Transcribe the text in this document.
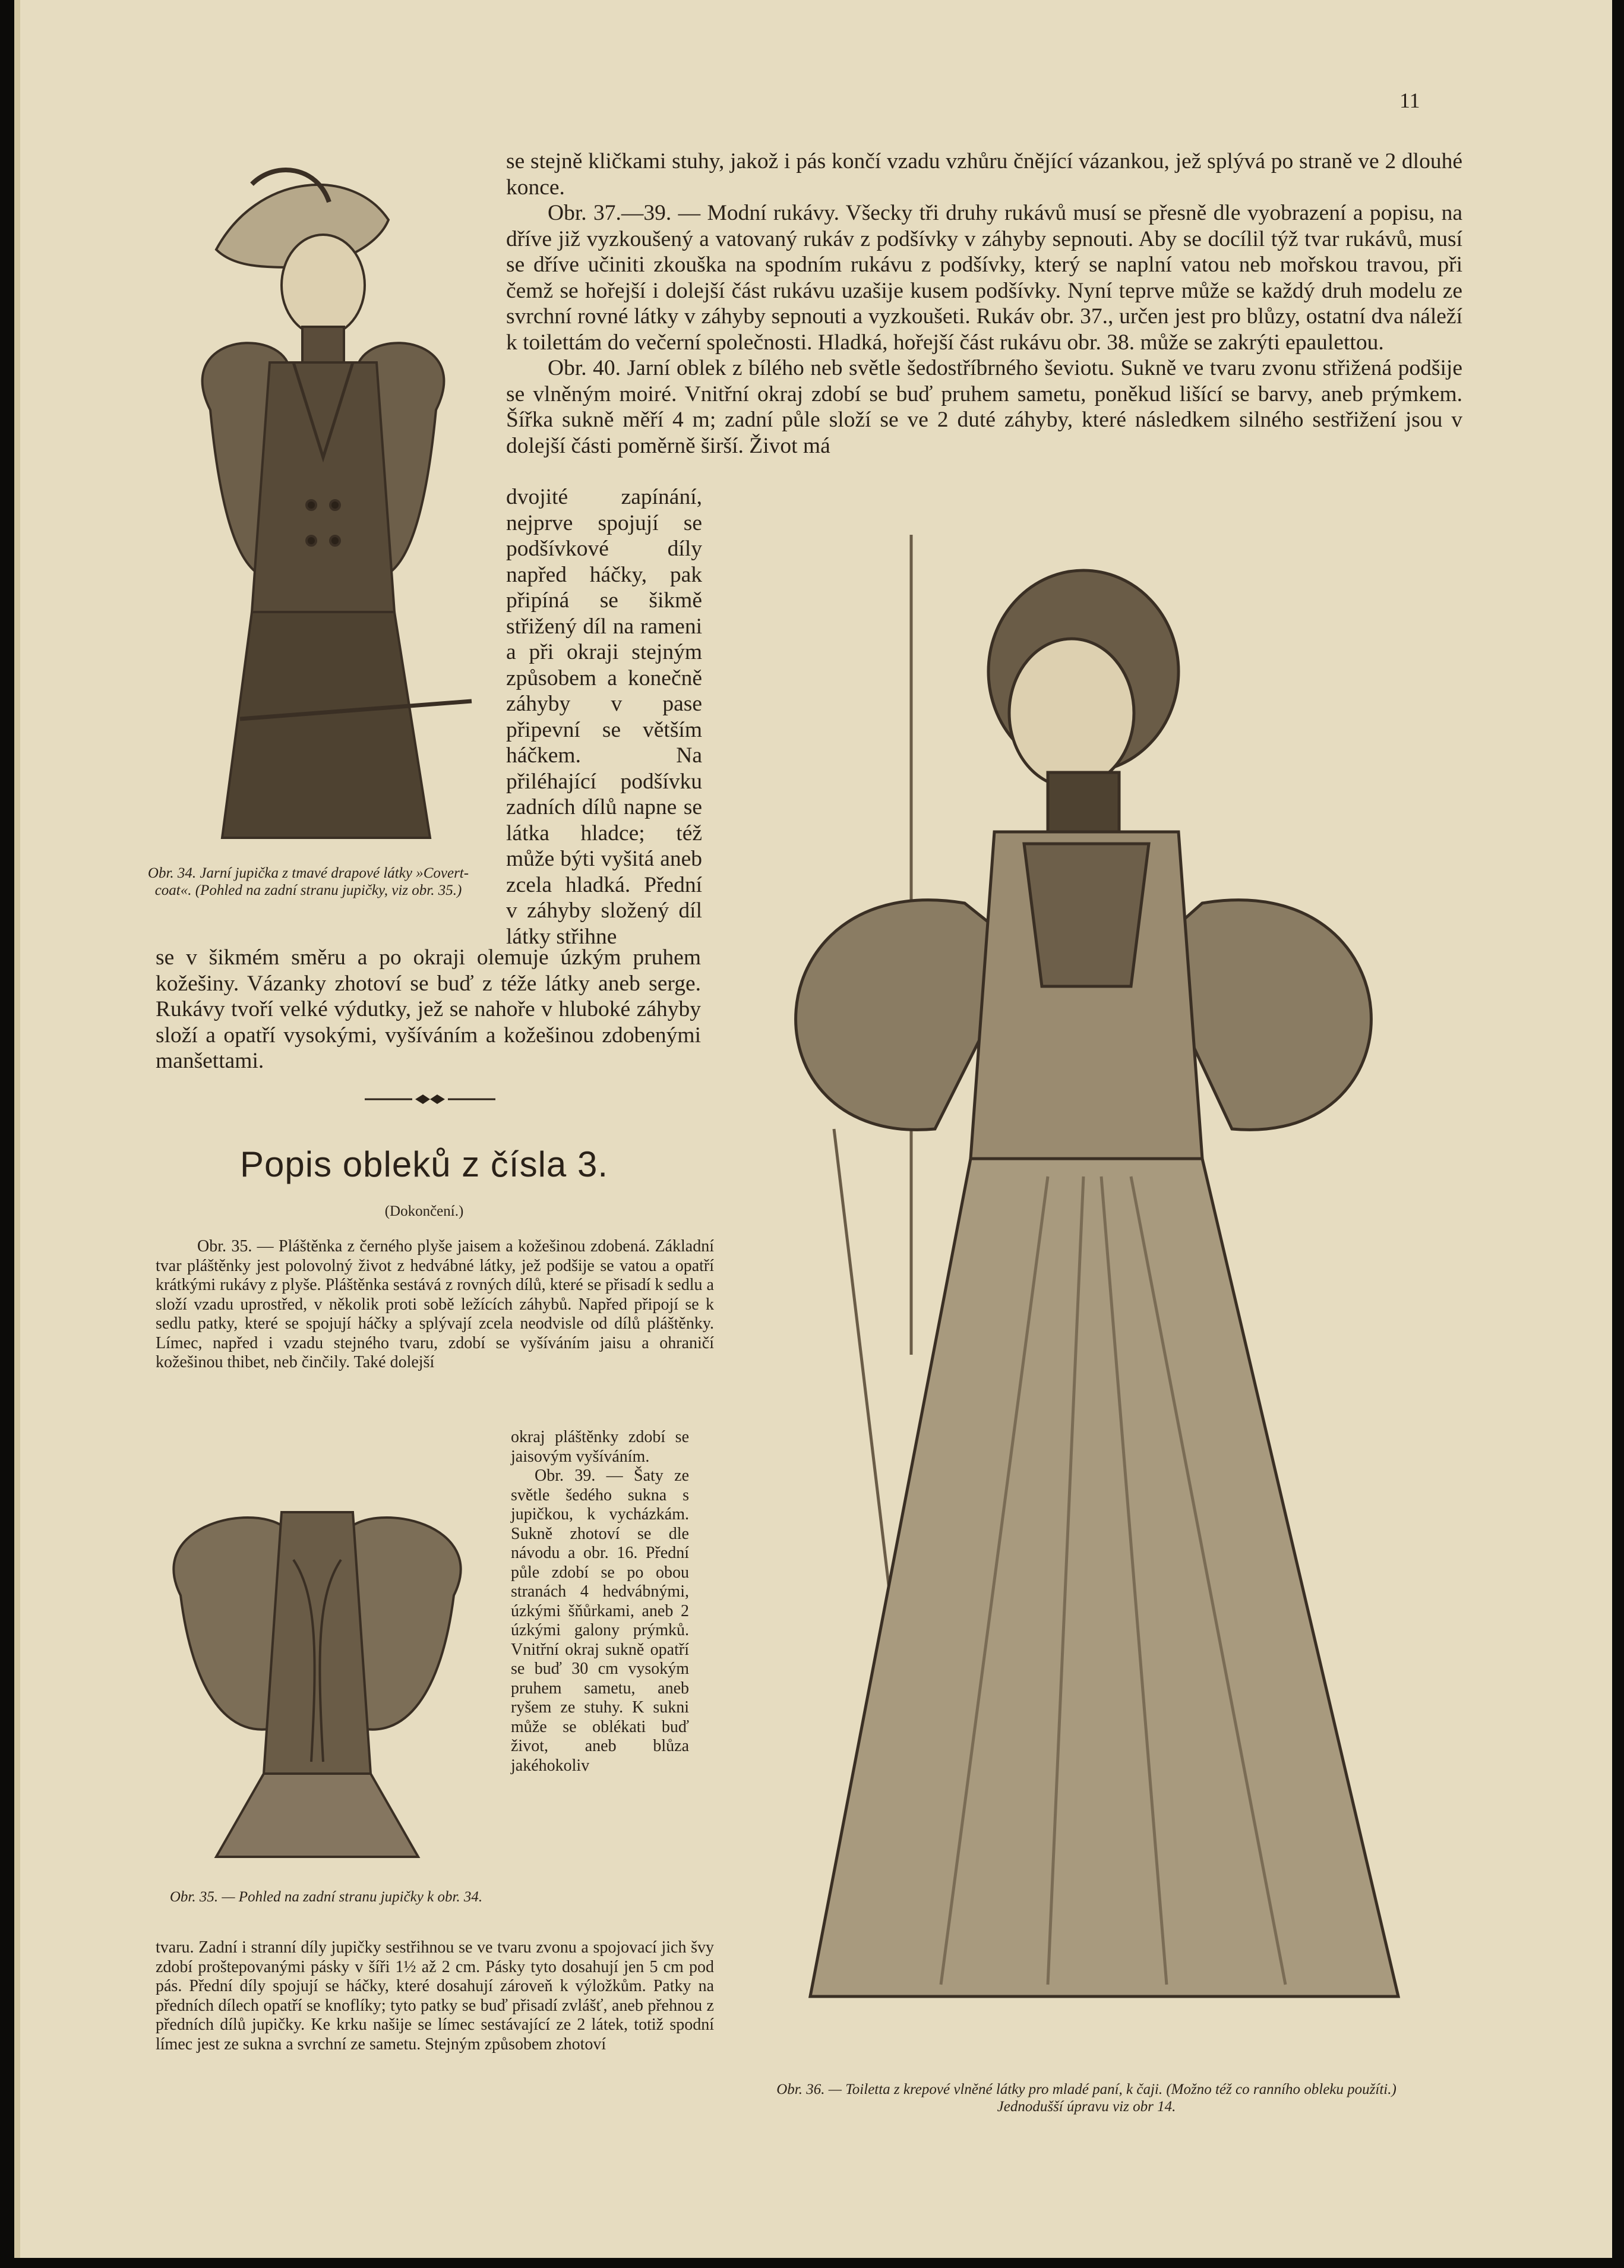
11

se stejně kličkami stuhy, jakož i pás končí vzadu vzhůru čnějící vázankou, jež splývá po straně ve 2 dlouhé konce.

Obr. 37.—39. — Modní rukávy. Všecky tři druhy rukávů musí se přesně dle vyobrazení a popisu, na dříve již vyzkoušený a vatovaný rukáv z podšívky v záhyby sepnouti. Aby se docílil týž tvar rukávů, musí se dříve učiniti zkouška na spodním rukávu z podšívky, který se naplní vatou neb mořskou travou, při čemž se hořejší i dolejší část rukávu uzašije kusem podšívky. Nyní teprve může se každý druh modelu ze svrchní rovné látky v záhyby sepnouti a vyzkoušeti. Rukáv obr. 37., určen jest pro blůzy, ostatní dva náleží k toilettám do večerní společnosti. Hladká, hořejší část rukávu obr. 38. může se zakrýti epaulettou.

Obr. 40. Jarní oblek z bílého neb světle šedostříbrného ševiotu. Sukně ve tvaru zvonu střižená podšije se vlněným moiré. Vnitřní okraj zdobí se buď pruhem sametu, poněkud lišící se barvy, aneb prýmkem. Šířka sukně měří 4 m; zadní půle složí se ve 2 duté záhyby, které následkem silného sestřižení jsou v dolejší části poměrně širší. Život má

Obr. 34. Jarní jupička z tmavé drapové látky »Covert-coat«. (Pohled na zadní stranu jupičky, viz obr. 35.)

dvojité zapínání, nejprve spojují se podšívkové díly napřed háčky, pak připíná se šikmě střižený díl na rameni a při okraji stejným způsobem a konečně záhyby v pase připevní se větším háčkem. Na přiléhající podšívku zadních dílů napne se látka hladce; též může býti vyšitá aneb zcela hladká. Přední v záhyby složený díl látky střihne

se v šikmém směru a po okraji olemuje úzkým pruhem kožešiny. Vázanky zhotoví se buď z téže látky aneb serge. Rukávy tvoří velké výdutky, jež se nahoře v hluboké záhyby složí a opatří vysokými, vyšíváním a kožešinou zdobenými manšettami.

Popis obleků z čísla 3.
(Dokončení.)

Obr. 35. — Pláštěnka z černého plyše jaisem a kožešinou zdobená. Základní tvar pláštěnky jest polovolný život z hedvábné látky, jež podšije se vatou a opatří krátkými rukávy z plyše. Pláštěnka sestává z rovných dílů, které se přisadí k sedlu a složí vzadu uprostřed, v několik proti sobě ležících záhybů. Napřed připojí se k sedlu patky, které se spojují háčky a splývají zcela neodvisle od dílů pláštěnky. Límec, napřed i vzadu stejného tvaru, zdobí se vyšíváním jaisu a ohraničí kožešinou thibet, neb činčily. Také dolejší

okraj pláštěnky zdobí se jaisovým vyšíváním.

Obr. 39. — Šaty ze světle šedého sukna s jupičkou, k vycházkám. Sukně zhotoví se dle návodu a obr. 16. Přední půle zdobí se po obou stranách 4 hedvábnými, úzkými šňůrkami, aneb 2 úzkými galony prýmků. Vnitřní okraj sukně opatří se buď 30 cm vysokým pruhem sametu, aneb ryšem ze stuhy. K sukni může se oblékati buď život, aneb blůza jakéhokoliv

Obr. 35. — Pohled na zadní stranu jupičky k obr. 34.

tvaru. Zadní i stranní díly jupičky sestřihnou se ve tvaru zvonu a spojovací jich švy zdobí proštepovanými pásky v šíři 1½ až 2 cm. Pásky tyto dosahují jen 5 cm pod pás. Přední díly spojují se háčky, které dosahují zároveň k výložkům. Patky na předních dílech opatří se knoflíky; tyto patky se buď přisadí zvlášť, aneb přehnou z předních dílů jupičky. Ke krku našije se límec sestávající ze 2 látek, totiž spodní límec jest ze sukna a svrchní ze sametu. Stejným způsobem zhotoví

Obr. 36. — Toiletta z krepové vlněné látky pro mladé paní, k čaji. (Možno též co ranního obleku použíti.) Jednodušší úpravu viz obr 14.
